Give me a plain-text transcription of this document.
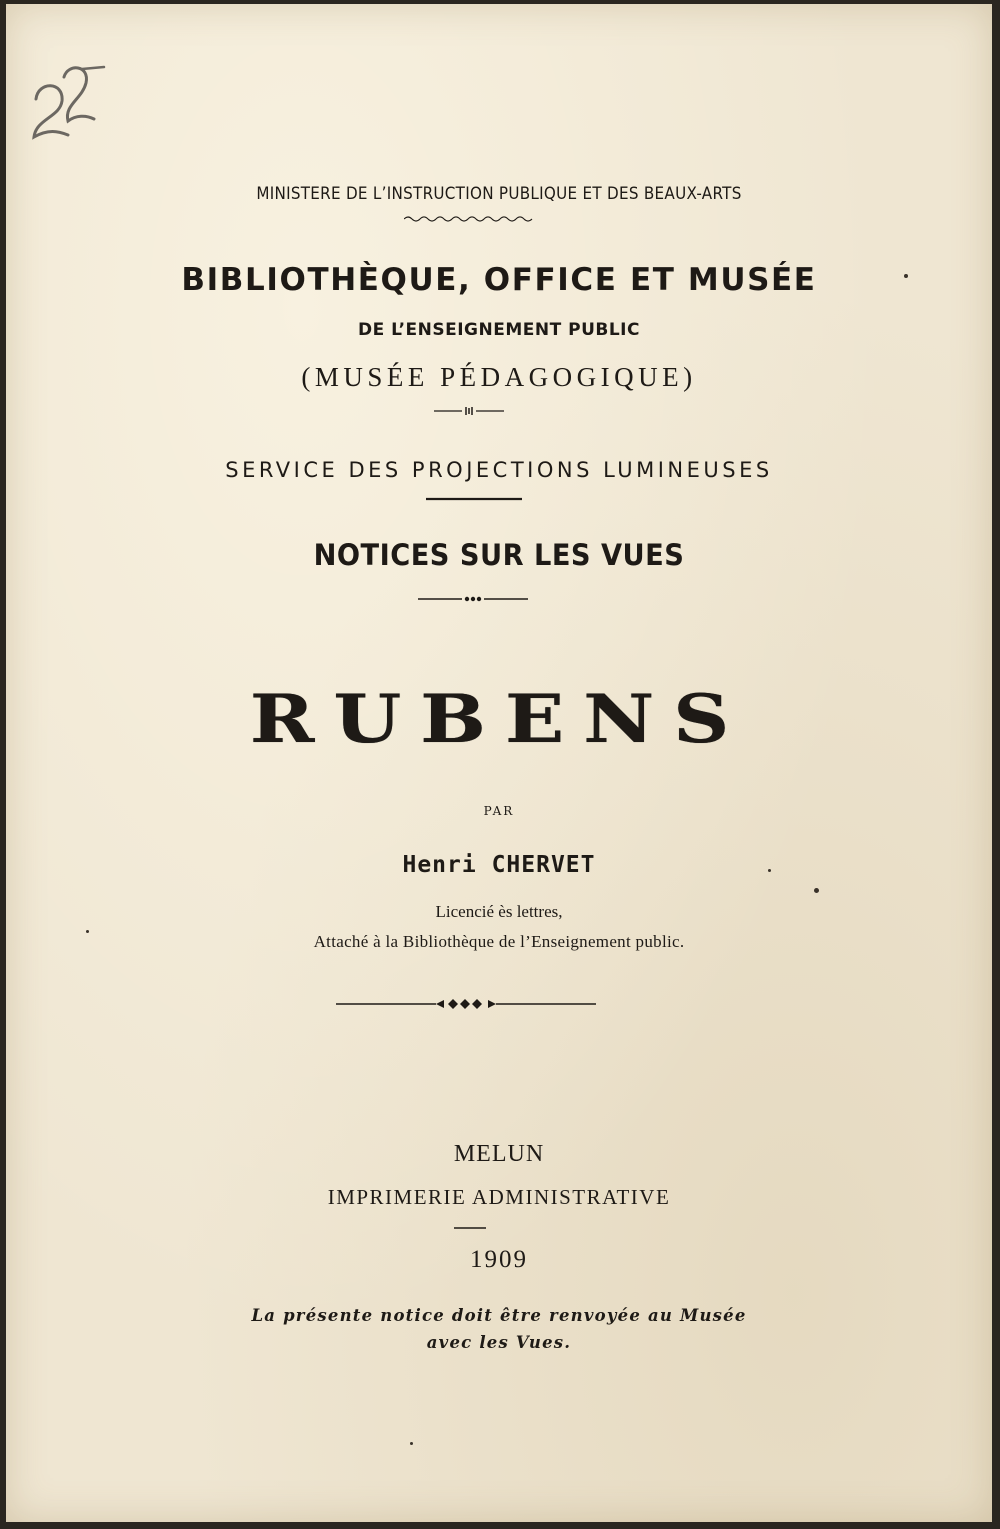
MINISTERE DE L’INSTRUCTION PUBLIQUE ET DES BEAUX-ARTS
BIBLIOTHÈQUE, OFFICE ET MUSÉE
DE L’ENSEIGNEMENT PUBLIC
(MUSÉE PÉDAGOGIQUE)
SERVICE DES PROJECTIONS LUMINEUSES
NOTICES SUR LES VUES
RUBENS
PAR
Henri CHERVET
Licencié ès lettres,
Attaché à la Bibliothèque de l’Enseignement public.
MELUN
IMPRIMERIE ADMINISTRATIVE
1909
La présente notice doit être renvoyée au Musée
avec les Vues.
